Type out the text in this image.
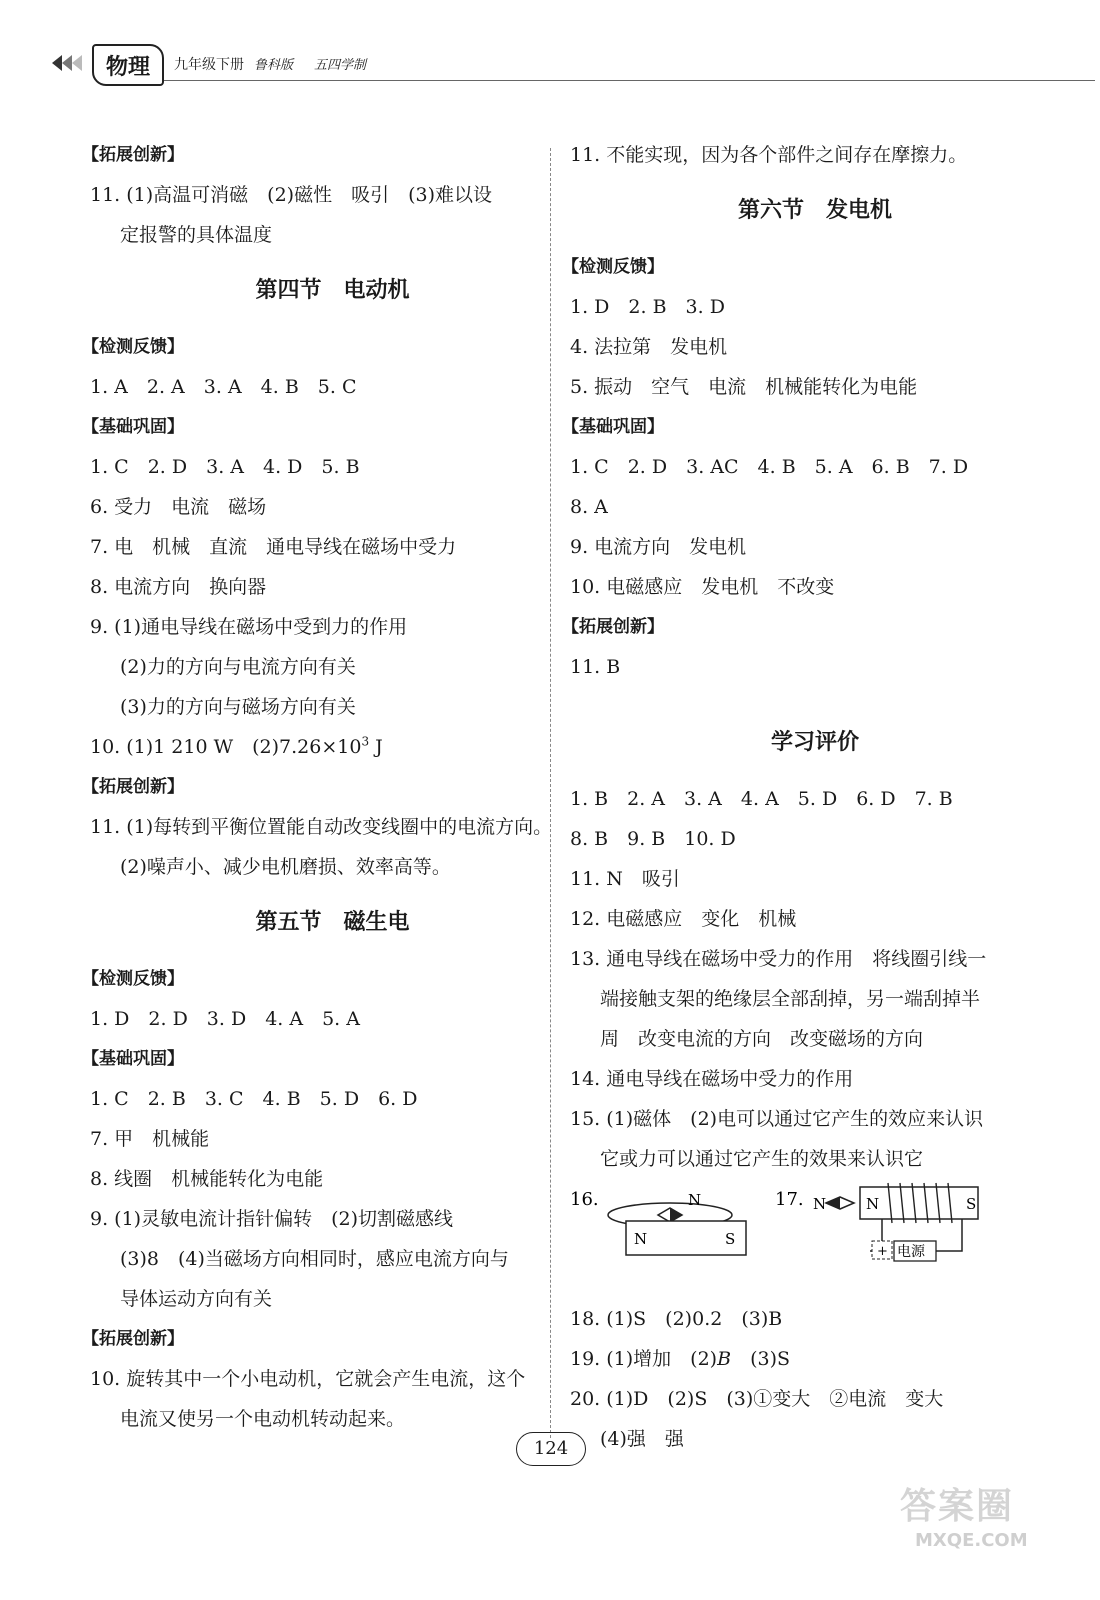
物理	九年级下册 鲁科版 五四学制
【拓展创新】
11. (1)高温可消磁　(2)磁性　吸引　(3)难以设
定报警的具体温度
第四节　电动机
【检测反馈】
1. A　2. A　3. A　4. B　5. C
【基础巩固】
1. C　2. D　3. A　4. D　5. B
6. 受力　电流　磁场
7. 电　机械　直流　通电导线在磁场中受力
8. 电流方向　换向器
9. (1)通电导线在磁场中受到力的作用
(2)力的方向与电流方向有关
(3)力的方向与磁场方向有关
10. (1)1 210 W　$(2)7.26\times 10^3$ J
【拓展创新】
11. (1)每转到平衡位置能自动改变线圈中的电流方向。
(2)噪声小、减少电机磨损、效率高等。
第五节　磁生电
【检测反馈】
1. D　2. D　3. D　4. A　5. A
【基础巩固】
1. C　2. B　3. C　4. B　5. D　6. D
7. 甲　机械能
8. 线圈　机械能转化为电能
9. (1)灵敏电流计指针偏转　(2)切割磁感线
(3)8　(4)当磁场方向相同时，感应电流方向与
导体运动方向有关
【拓展创新】
10. 旋转其中一个小电动机，它就会产生电流，这个
电流又使另一个电动机转动起来。
11. 不能实现，因为各个部件之间存在摩擦力。
第六节　发电机
【检测反馈】
1. D　2. B　3. D
4. 法拉第　发电机
5. 振动　空气　电流　机械能转化为电能
【基础巩固】
1. C　2. D　3. AC　4. B　5. A　6. B　7. D
8. A
9. 电流方向　发电机
10. 电磁感应　发电机　不改变
【拓展创新】
11. B
学习评价
1. B　2. A　3. A　4. A　5. D　6. D　7. B
8. B　9. B　10. D
11. N　吸引
12. 电磁感应　变化　机械
13. 通电导线在磁场中受力的作用　将线圈引线一
端接触支架的绝缘层全部刮掉，另一端刮掉半
周　改变电流的方向　改变磁场的方向
14. 通电导线在磁场中受力的作用
15. (1)磁体　(2)电可以通过它产生的效应来认识
它或力可以通过它产生的效果来认识它
16.	N
N	S
17. N	N	S
+ 电源
18. (1)S　(2)0.2　(3)B
19. (1)增加　(2)B　(3)S
20. (1)D　(2)S　(3)①变大　②电流　变大
(4)强　强
124
答案圈
MXQE.COM
